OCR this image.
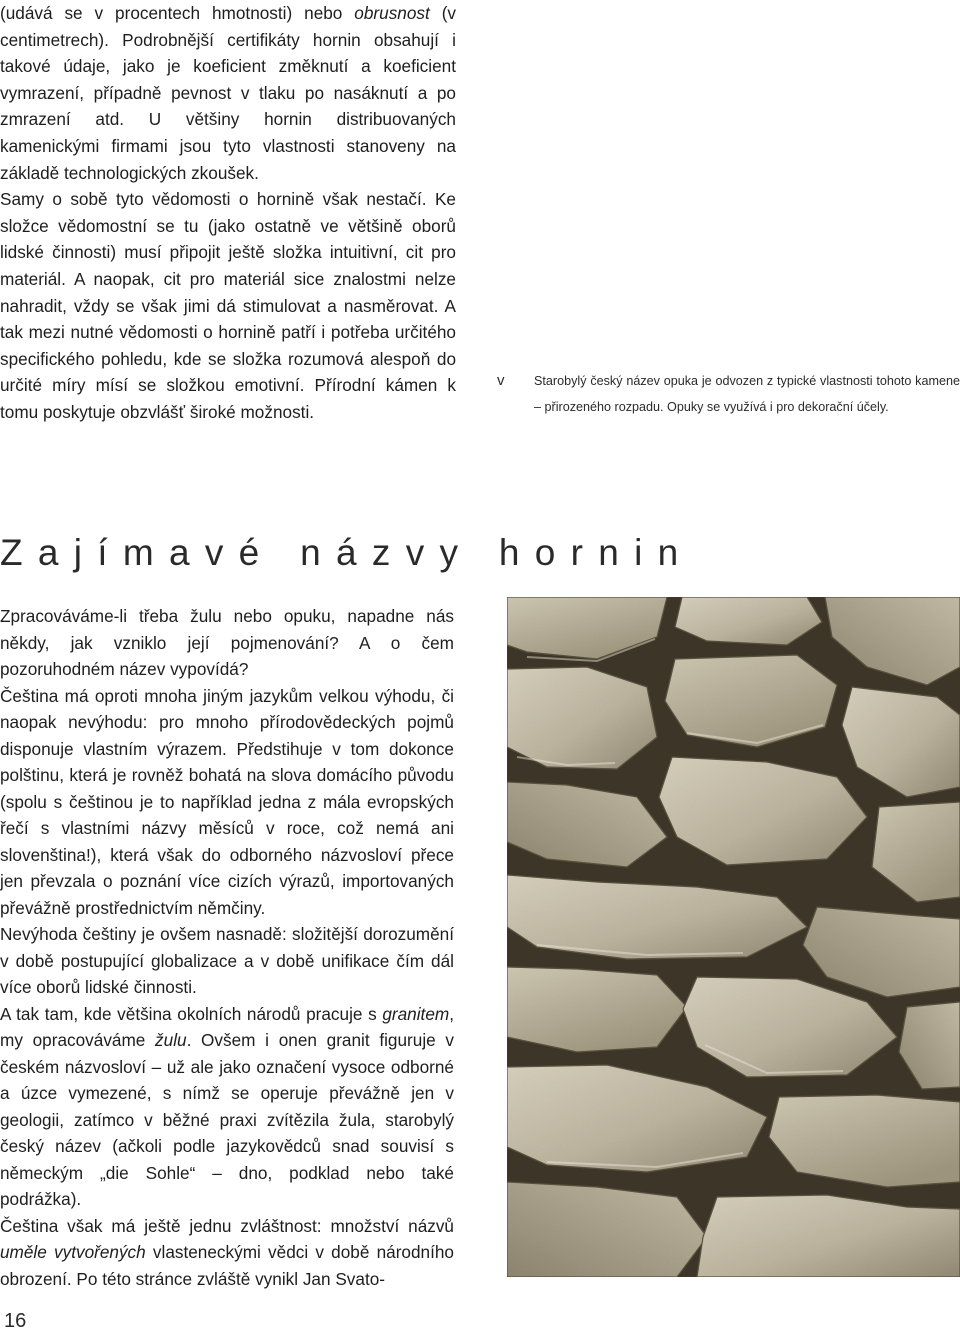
(udává se v procentech hmotnosti) nebo obrusnost (v centimetrech). Podrobnější certifikáty hornin obsahují i takové údaje, jako je koeficient změknutí a koeficient vymrazení, případně pevnost v tlaku po nasáknutí a po zmrazení atd. U většiny hornin distribuovaných kamenickými firmami jsou tyto vlastnosti stanoveny na základě technologických zkoušek.

Samy o sobě tyto vědomosti o hornině však nestačí. Ke složce vědomostní se tu (jako ostatně ve většině oborů lidské činnosti) musí připojit ještě složka intuitivní, cit pro materiál. A naopak, cit pro materiál sice znalostmi nelze nahradit, vždy se však jimi dá stimulovat a nasměrovat. A tak mezi nutné vědomosti o hornině patří i potřeba určitého specifického pohledu, kde se složka rozumová alespoň do určité míry mísí se složkou emotivní. Přírodní kámen k tomu poskytuje obzvlášť široké možnosti.

v Starobylý český název opuka je odvozen z typické vlastnosti tohoto kamene – přirozeného rozpadu. Opuky se využívá i pro dekorační účely.
Zajímavé názvy hornin

Zpracováváme-li třeba žulu nebo opuku, napadne nás někdy, jak vzniklo její pojmenování? A o čem pozoruhodném název vypovídá?

Čeština má oproti mnoha jiným jazykům velkou výhodu, či naopak nevýhodu: pro mnoho přírodovědeckých pojmů disponuje vlastním výrazem. Předstihuje v tom dokonce polštinu, která je rovněž bohatá na slova domácího původu (spolu s češtinou je to například jedna z mála evropských řečí s vlastními názvy měsíců v roce, což nemá ani slovenština!), která však do odborného názvosloví přece jen převzala o poznání více cizích výrazů, importovaných převážně prostřednictvím němčiny.

Nevýhoda češtiny je ovšem nasnadě: složitější dorozumění v době postupující globalizace a v době unifikace čím dál více oborů lidské činnosti.

A tak tam, kde většina okolních národů pracuje s granitem, my opracováváme žulu. Ovšem i onen granit figuruje v českém názvosloví – už ale jako označení vysoce odborné a úzce vymezené, s nímž se operuje převážně jen v geologii, zatímco v běžné praxi zvítězila žula, starobylý český název (ačkoli podle jazykovědců snad souvisí s německým „die Sohle“ – dno, podklad nebo také podrážka).

Čeština však má ještě jednu zvláštnost: množství názvů uměle vytvořených vlasteneckými vědci v době národního obrození. Po této stránce zvláště vynikl Jan Svato-

16
